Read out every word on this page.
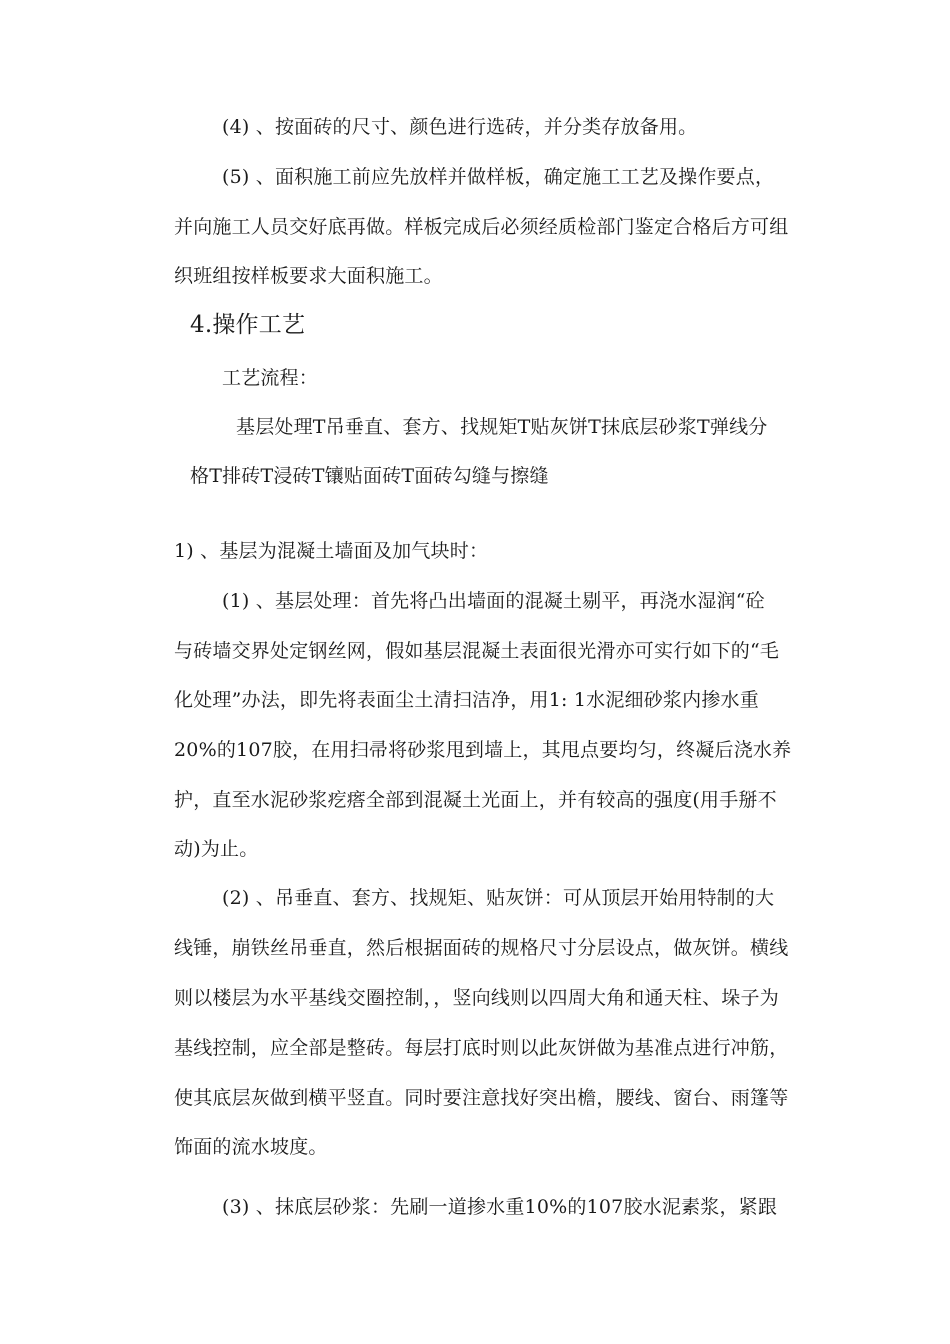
(4) 、按面砖的尺寸、颜色进行选砖，并分类存放备用。
(5) 、面积施工前应先放样并做样板，确定施工工艺及操作要点，
并向施工人员交好底再做。样板完成后必须经质检部门鉴定合格后方可组
织班组按样板要求大面积施工。
4.操作工艺
工艺流程：
基层处理T吊垂直、套方、找规矩T贴灰饼T抹底层砂浆T弹线分
格T排砖T浸砖T镶贴面砖T面砖勾缝与擦缝
1) 、基层为混凝土墙面及加气块时：
(1) 、基层处理：首先将凸出墙面的混凝土剔平，再浇水湿润“砼
与砖墙交界处定钢丝网，假如基层混凝土表面很光滑亦可实行如下的“毛
化处理”办法，即先将表面尘土清扫洁净，用1: 1水泥细砂浆内掺水重
20%的107胶，在用扫帚将砂浆甩到墙上，其甩点要均匀，终凝后浇水养
护，直至水泥砂浆疙瘩全部到混凝土光面上，并有较高的强度(用手掰不
动)为止。
(2) 、吊垂直、套方、找规矩、贴灰饼：可从顶层开始用特制的大
线锤，崩铁丝吊垂直，然后根据面砖的规格尺寸分层设点，做灰饼。横线
则以楼层为水平基线交圈控制，，竖向线则以四周大角和通天柱、垛子为
基线控制，应全部是整砖。每层打底时则以此灰饼做为基准点进行冲筋，
使其底层灰做到横平竖直。同时要注意找好突出檐，腰线、窗台、雨篷等
饰面的流水坡度。
(3) 、抹底层砂浆：先刷一道掺水重10%的107胶水泥素浆，紧跟
